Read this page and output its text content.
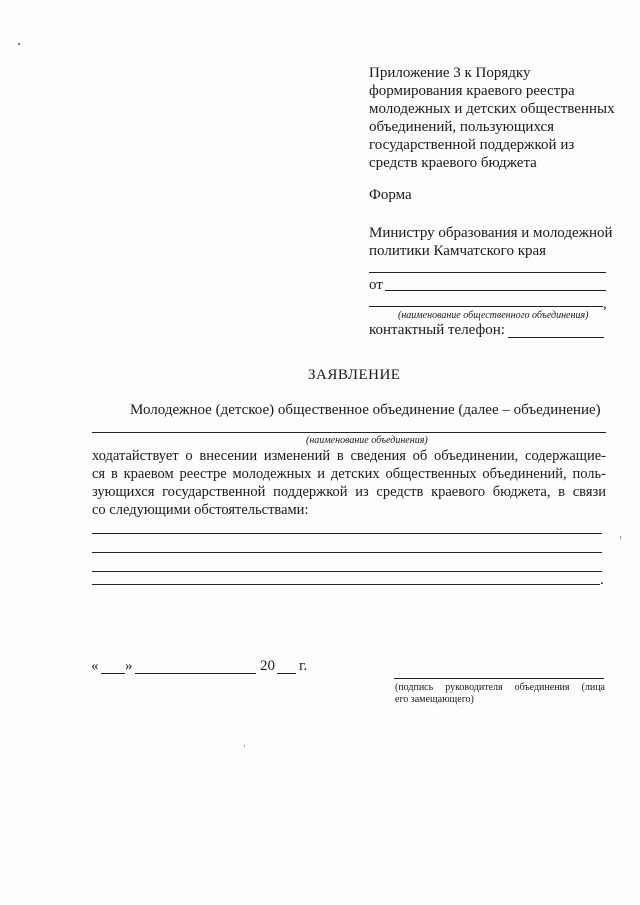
Приложение 3 к Порядку
формирования краевого реестра
молодежных и детских общественных
объединений, пользующихся
государственной поддержкой из
средств краевого бюджета
Форма
Министру образования и молодежной
политики Камчатского края
от
,
(наименование общественного объединения)
контактный телефон:
ЗАЯВЛЕНИЕ
Молодежное (детское) общественное объединение (далее – объединение)
(наименование объединения)
ходатайствует о внесении изменений в сведения об объединении, содержащие-
ся в краевом реестре молодежных и детских общественных объединений, поль-
зующихся государственной поддержкой из средств краевого бюджета, в связи
со следующими обстоятельствами:
.
« »	20 г.
(подпись руководителя объединения (лица
его замещающего)
